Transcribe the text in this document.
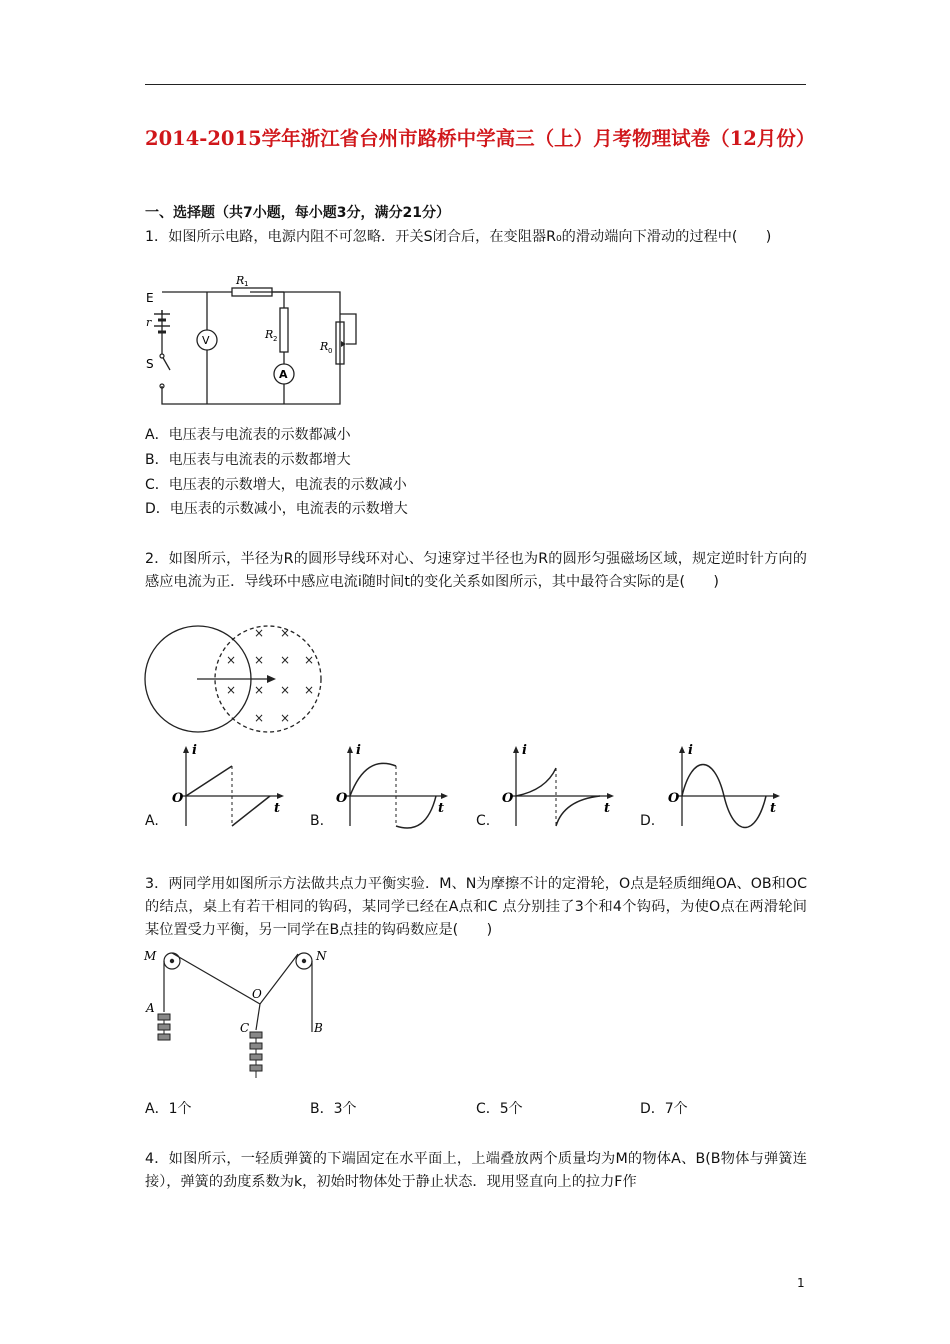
2014-2015学年浙江省台州市路桥中学高三（上）月考物理试卷（12月份）

一、选择题（共7小题，每小题3分，满分21分）

1．如图所示电路，电源内阻不可忽略．开关S闭合后，在变阻器R₀的滑动端向下滑动的过程中(　　)

E
r
S
V
A
R 1
R 2
R 0
A．电压表与电流表的示数都减小
B．电压表与电流表的示数都增大
C．电压表的示数增大，电流表的示数减小
D．电压表的示数减小，电流表的示数增大

2．如图所示，半径为R的圆形导线环对心、匀速穿过半径也为R的圆形匀强磁场区域，规定逆时针方向的感应电流为正．导线环中感应电流i随时间t的变化关系如图所示，其中最符合实际的是(　　)

× ×
× × × ×
× × × ×
× ×
i
O
t
i
O
t
i
O
t
i
O
t
A.	B.	C.	D.

3．两同学用如图所示方法做共点力平衡实验．M、N为摩擦不计的定滑轮，O点是轻质细绳OA、OB和OC的结点，桌上有若干相同的钩码，某同学已经在A点和C 点分别挂了3个和4个钩码，为使O点在两滑轮间某位置受力平衡，另一同学在B点挂的钩码数应是(　　)

M	N
O
A
B
C
A．1个	B．3个	C．5个	D．7个

4．如图所示，一轻质弹簧的下端固定在水平面上，上端叠放两个质量均为M的物体A、B(B物体与弹簧连接），弹簧的劲度系数为k，初始时物体处于静止状态．现用竖直向上的拉力F作

1
